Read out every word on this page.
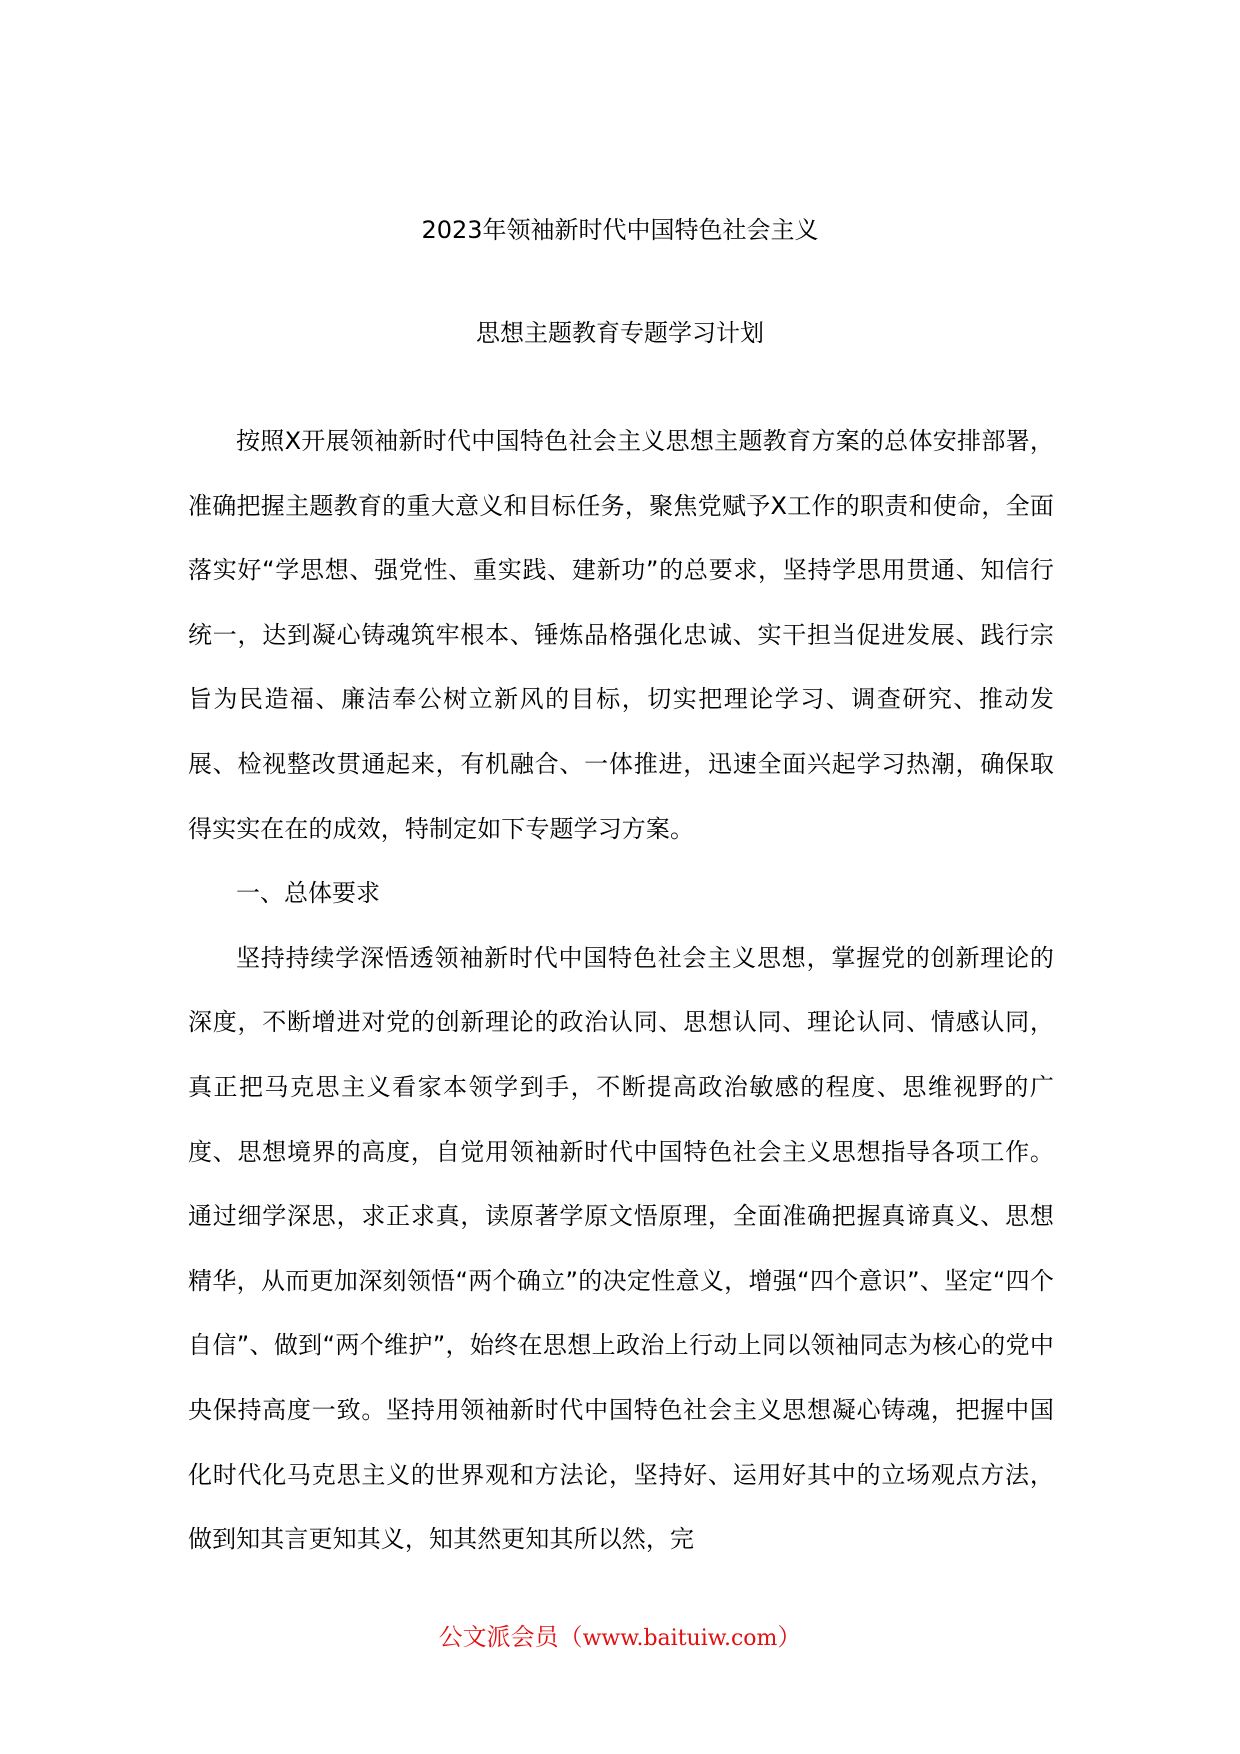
2023年领袖新时代中国特色社会主义
思想主题教育专题学习计划

按照X开展领袖新时代中国特色社会主义思想主题教育方案的总体安排部署，准确把握主题教育的重大意义和目标任务，聚焦党赋予X工作的职责和使命，全面落实好“学思想、强党性、重实践、建新功”的总要求，坚持学思用贯通、知信行统一，达到凝心铸魂筑牢根本、锤炼品格强化忠诚、实干担当促进发展、践行宗旨为民造福、廉洁奉公树立新风的目标，切实把理论学习、调查研究、推动发展、检视整改贯通起来，有机融合、一体推进，迅速全面兴起学习热潮，确保取得实实在在的成效，特制定如下专题学习方案。

一、总体要求

坚持持续学深悟透领袖新时代中国特色社会主义思想，掌握党的创新理论的深度，不断增进对党的创新理论的政治认同、思想认同、理论认同、情感认同，真正把马克思主义看家本领学到手，不断提高政治敏感的程度、思维视野的广度、思想境界的高度，自觉用领袖新时代中国特色社会主义思想指导各项工作。通过细学深思，求正求真，读原著学原文悟原理，全面准确把握真谛真义、思想精华，从而更加深刻领悟“两个确立”的决定性意义，增强“四个意识”、坚定“四个自信”、做到“两个维护”，始终在思想上政治上行动上同以领袖同志为核心的党中央保持高度一致。坚持用领袖新时代中国特色社会主义思想凝心铸魂，把握中国化时代化马克思主义的世界观和方法论，坚持好、运用好其中的立场观点方法，做到知其言更知其义，知其然更知其所以然，完

公文派会员（www.baituiw.com）
